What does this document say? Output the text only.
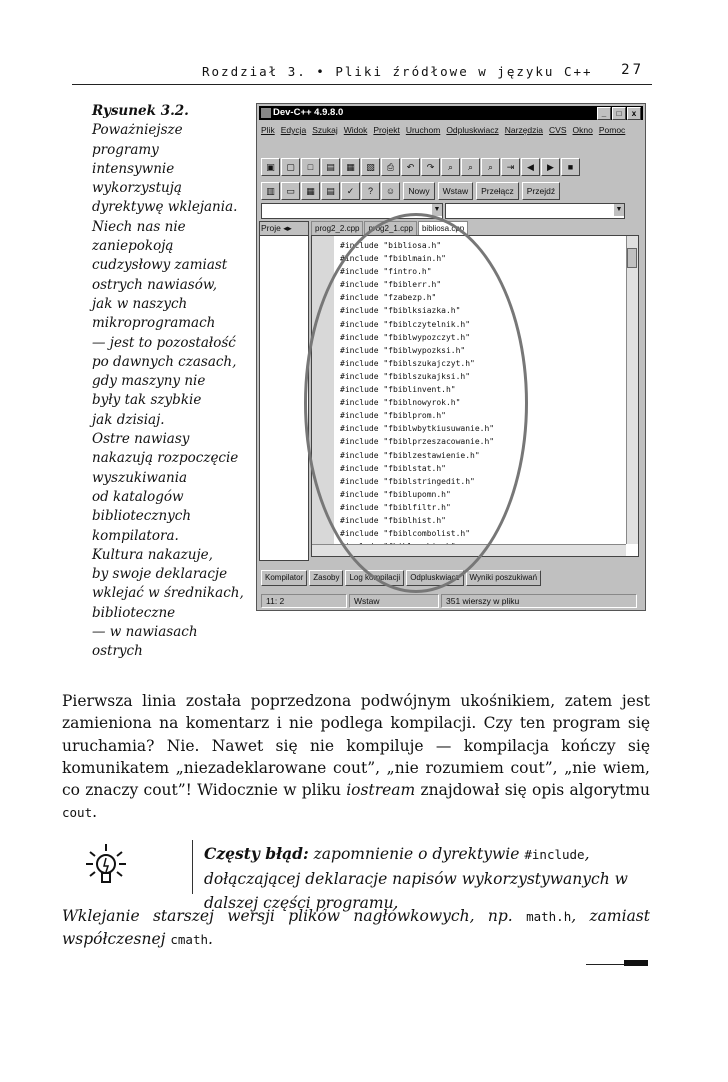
Rozdział 3. • Pliki źródłowe w języku C++ 27
Rysunek 3.2.
Poważniejsze
programy
intensywnie
wykorzystują
dyrektywę wklejania.
Niech nas nie
zaniepokoją
cudzysłowy zamiast
ostrych nawiasów,
jak w naszych
mikroprogramach
— jest to pozostałość
po dawnych czasach,
gdy maszyny nie
były tak szybkie
jak dzisiaj.
Ostre nawiasy
nakazują rozpoczęcie
wyszukiwania
od katalogów
bibliotecznych
kompilatora.
Kultura nakazuje,
by swoje deklaracje
wklejać w średnikach,
biblioteczne
— w nawiasach
ostrych
Dev-C++ 4.9.8.0	_ □ x
Plik Edycja Szukaj Widok Projekt Uruchom Odpluskwiacz Narzędzia CVS Okno Pomoc
▣ ▢ □ ▤ ▦ ▧ ⎙ ↶ ↷ ⌕ ⌕ ⌕ ⇥ ◀ ▶ ■
▥ ▭ ▦ ▤ ✓ ? ☺ Nowy Wstaw Przełącz Przejdź
▼	▼
Proje ◂▸	prog2_2.cpp prog2_1.cpp bibliosa.cpp
#include "bibliosa.h"
#include "fbiblmain.h"
#include "fintro.h"
#include "fbiblerr.h"
#include "fzabezp.h"
#include "fbiblksiazka.h"
#include "fbiblczytelnik.h"
#include "fbiblwypozczyt.h"
#include "fbiblwypozksi.h"
#include "fbiblszukajczyt.h"
#include "fbiblszukajksi.h"
#include "fbiblinvent.h"
#include "fbiblnowyrok.h"
#include "fbiblprom.h"
#include "fbiblwbytkiusuwanie.h"
#include "fbiblprzeszacowanie.h"
#include "fbiblzestawienie.h"
#include "fbiblstat.h"
#include "fbiblstringedit.h"
#include "fbiblupomn.h"
#include "fbiblfiltr.h"
#include "fbiblhist.h"
#include "fbiblcombolist.h"
Kompilator Zasoby Log kompilacji Odpluskwiacz Wyniki poszukiwań
11: 2	Wstaw	351 wierszy w pliku
Pierwsza linia została poprzedzona podwójnym ukośnikiem, zatem jest zamieniona na komentarz i nie podlega kompilacji. Czy ten program się uruchamia? Nie. Nawet się nie kompiluje — kompilacja kończy się komunikatem „niezadeklarowane cout”, „nie rozumiem cout”, „nie wiem, co znaczy cout”! Widocznie w pliku iostream znajdował się opis algorytmu cout.
Częsty błąd: zapomnienie o dyrektywie #include, dołączającej deklaracje napisów wykorzystywanych w dalszej części programu.
Wklejanie starszej wersji plików nagłówkowych, np. math.h, zamiast współczesnej cmath.
